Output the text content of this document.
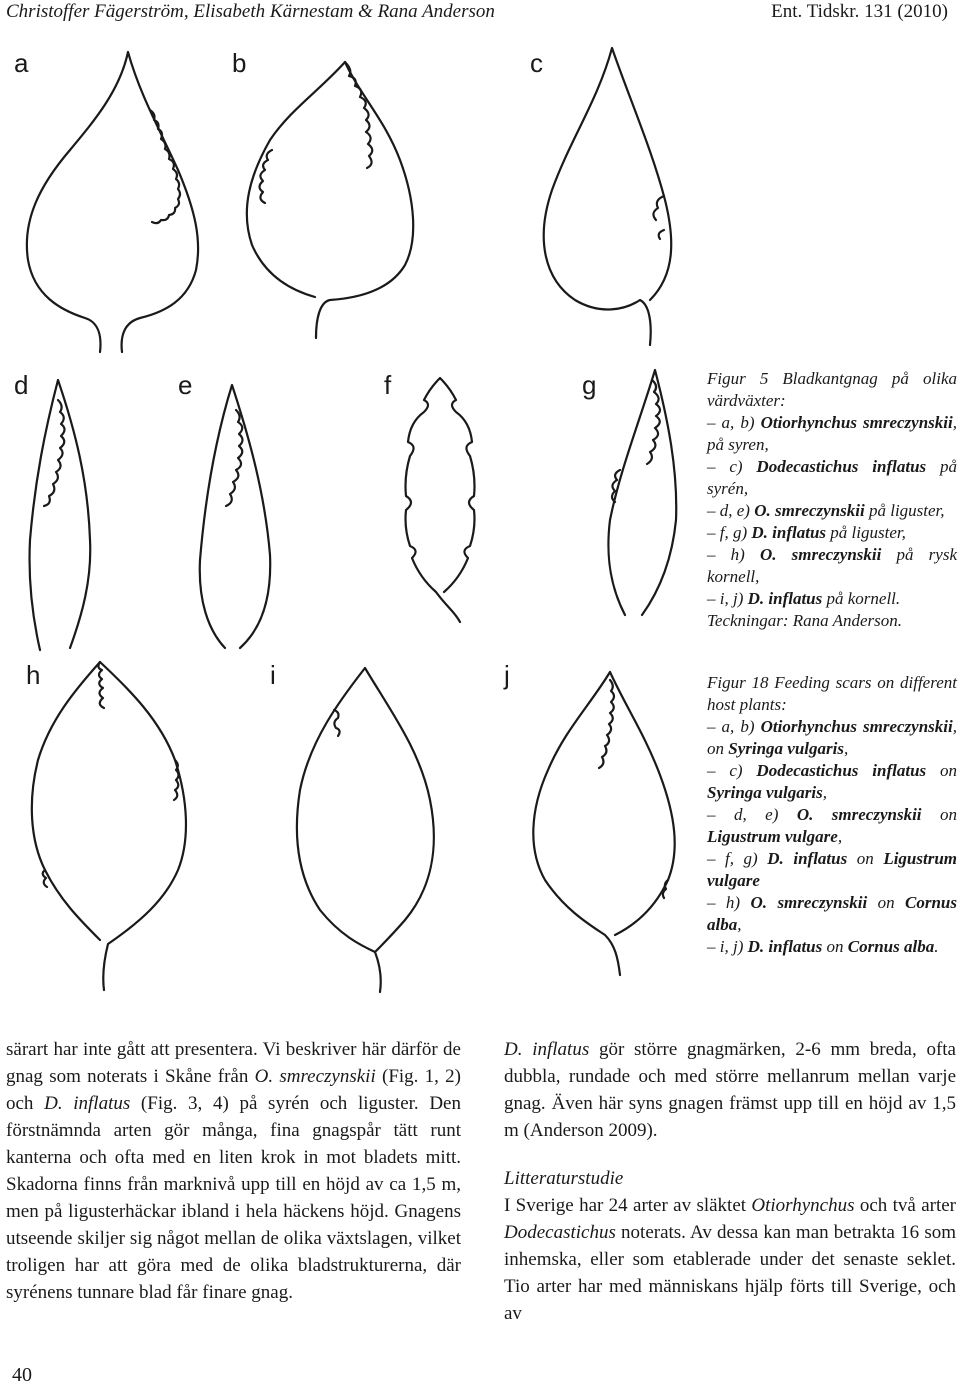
Christoffer Fägerström, Elisabeth Kärnestam & Rana Anderson	Ent. Tidskr. 131 (2010)
a	b	c
d	e	f	g
h	i	j
Figur 5 Bladkantgnag på olika värdväxter:
– a, b) Otiorhynchus smreczynskii, på syren,
– c) Dodecastichus inflatus på syrén,
– d, e) O. smreczynskii på liguster,
– f, g) D. inflatus på liguster,
– h) O. smreczynskii på rysk kornell,
– i, j) D. inflatus på kornell.
Teckningar: Rana Anderson.
Figur 18 Feeding scars on different host plants:
– a, b) Otiorhynchus smreczynskii, on Syringa vulgaris,
– c) Dodecastichus inflatus on Syringa vulgaris,
– d, e) O. smreczynskii on Ligustrum vulgare,
– f, g) D. inflatus on Ligustrum vulgare
– h) O. smreczynskii on Cornus alba,
– i, j) D. inflatus on Cornus alba.

särart har inte gått att presentera. Vi beskriver här därför de gnag som noterats i Skåne från O. smreczynskii (Fig. 1, 2) och D. inflatus (Fig. 3, 4) på syrén och liguster. Den förstnämnda arten gör många, fina gnagspår tätt runt kanterna och ofta med en liten krok in mot bladets mitt. Skadorna finns från marknivå upp till en höjd av ca 1,5 m, men på ligusterhäckar ibland i hela häckens höjd. Gnagens utseende skiljer sig något mellan de olika växtslagen, vilket troligen har att göra med de olika bladstrukturerna, där syrénens tunnare blad får finare gnag.

D. inflatus gör större gnagmärken, 2-6 mm breda, ofta dubbla, rundade och med större mellanrum mellan varje gnag. Även här syns gnagen främst upp till en höjd av 1,5 m (Anderson 2009).

Litteraturstudie

I Sverige har 24 arter av släktet Otiorhynchus och två arter Dodecastichus noterats. Av dessa kan man betrakta 16 som inhemska, eller som etablerade under det senaste seklet. Tio arter har med människans hjälp förts till Sverige, och av

40
